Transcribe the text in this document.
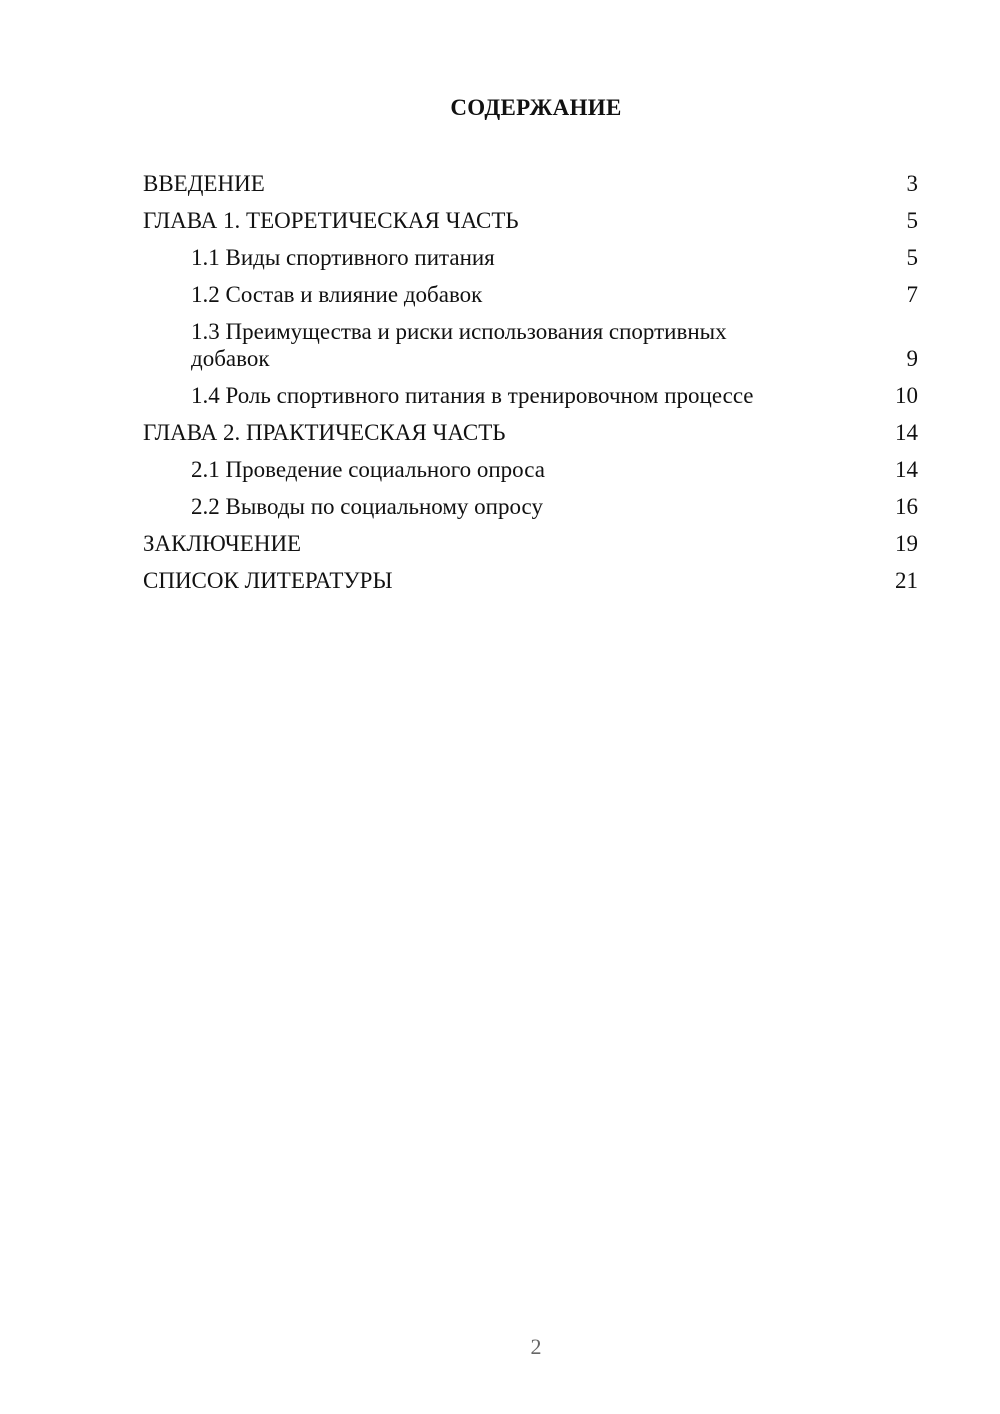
СОДЕРЖАНИЕ
ВВЕДЕНИЕ	3
ГЛАВА 1. ТЕОРЕТИЧЕСКАЯ ЧАСТЬ	5
1.1 Виды спортивного питания	5
1.2 Состав и влияние добавок	7
1.3 Преимущества и риски использования спортивных добавок	9
1.4 Роль спортивного питания в тренировочном процессе	10
ГЛАВА 2. ПРАКТИЧЕСКАЯ ЧАСТЬ	14
2.1 Проведение социального опроса	14
2.2 Выводы по социальному опросу	16
ЗАКЛЮЧЕНИЕ	19
СПИСОК ЛИТЕРАТУРЫ	21
2
